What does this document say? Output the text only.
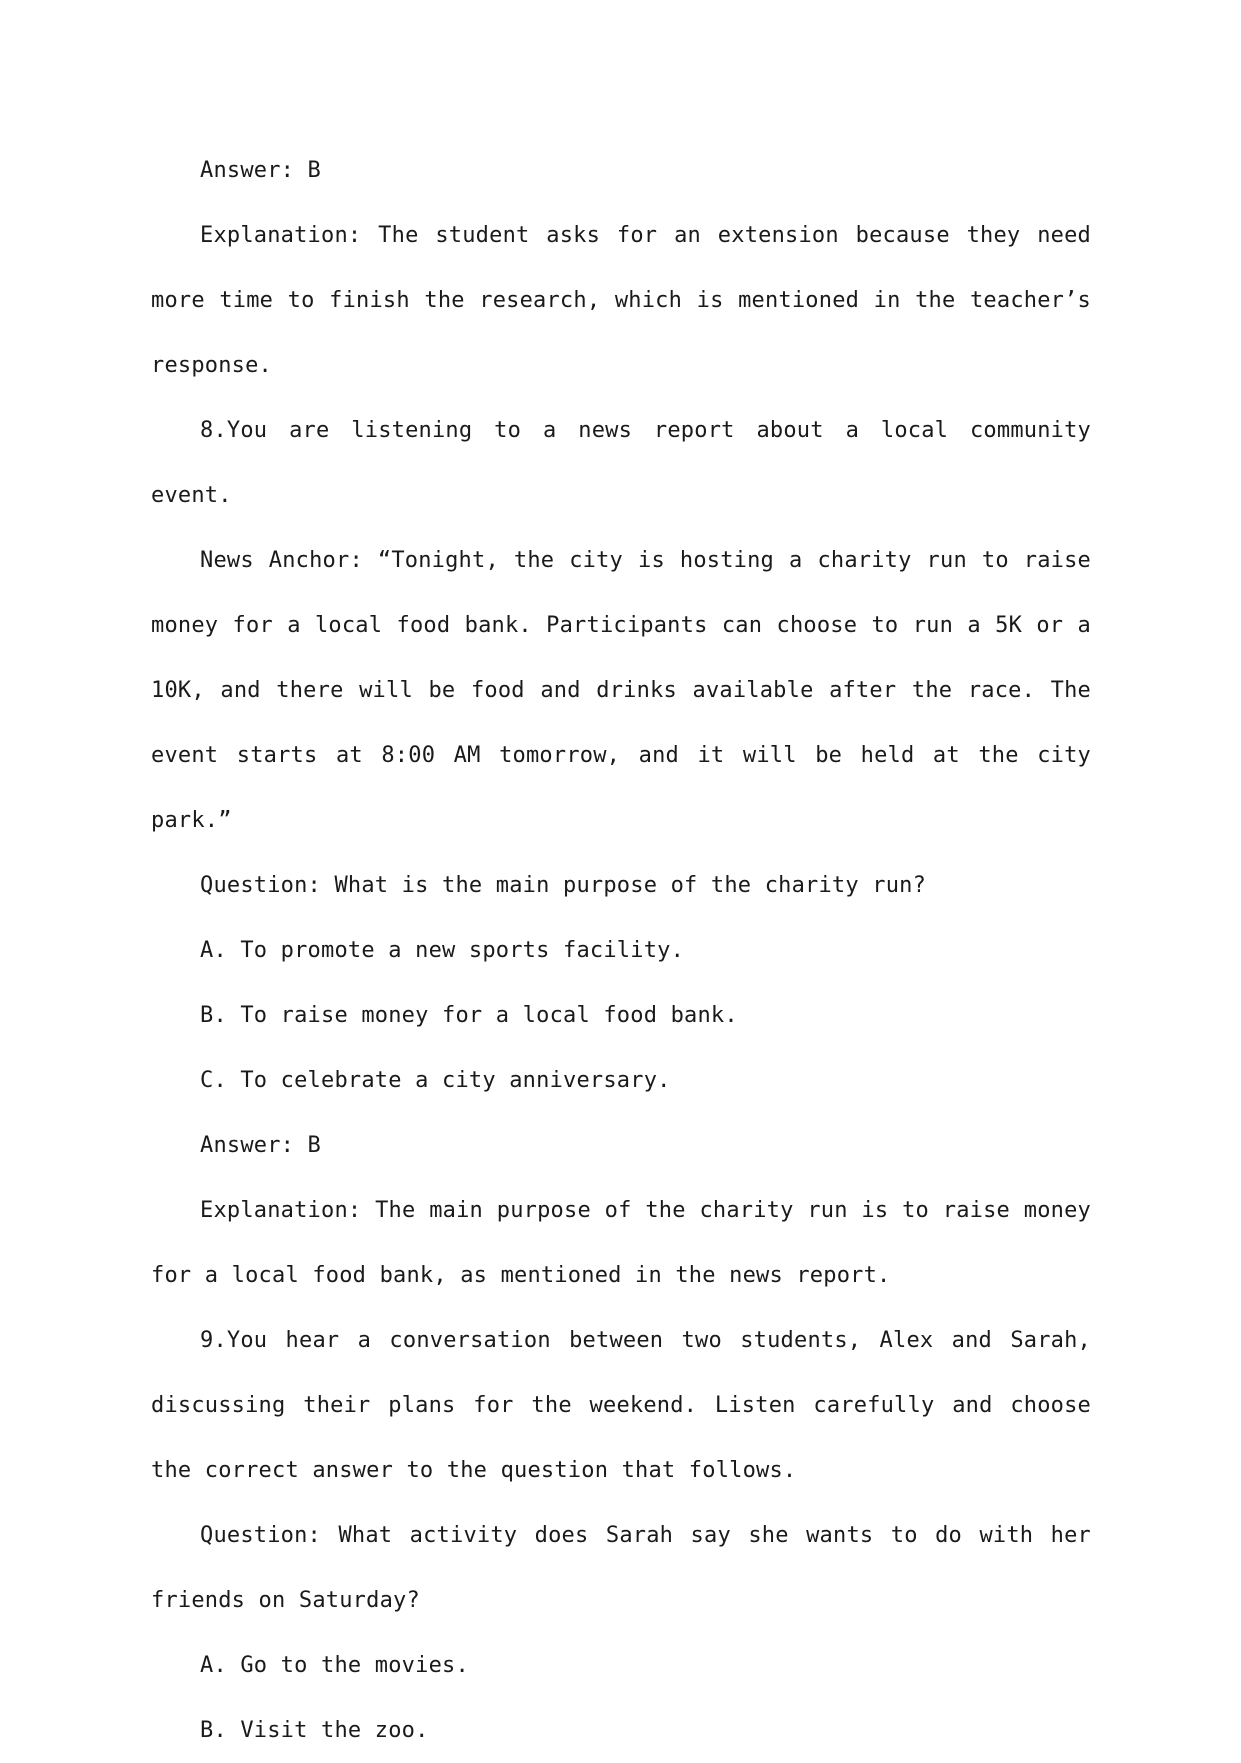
Answer: B

Explanation: The student asks for an extension because they need more time to finish the research, which is mentioned in the teacher’s response.

8.You are listening to a news report about a local community event.

News Anchor: “Tonight, the city is hosting a charity run to raise money for a local food bank. Participants can choose to run a 5K or a 10K, and there will be food and drinks available after the race. The event starts at 8:00 AM tomorrow, and it will be held at the city park.”

Question: What is the main purpose of the charity run?

A. To promote a new sports facility.

B. To raise money for a local food bank.

C. To celebrate a city anniversary.

Answer: B

Explanation: The main purpose of the charity run is to raise money for a local food bank, as mentioned in the news report.

9.You hear a conversation between two students, Alex and Sarah, discussing their plans for the weekend. Listen carefully and choose the correct answer to the question that follows.

Question: What activity does Sarah say she wants to do with her friends on Saturday?

A. Go to the movies.

B. Visit the zoo.
